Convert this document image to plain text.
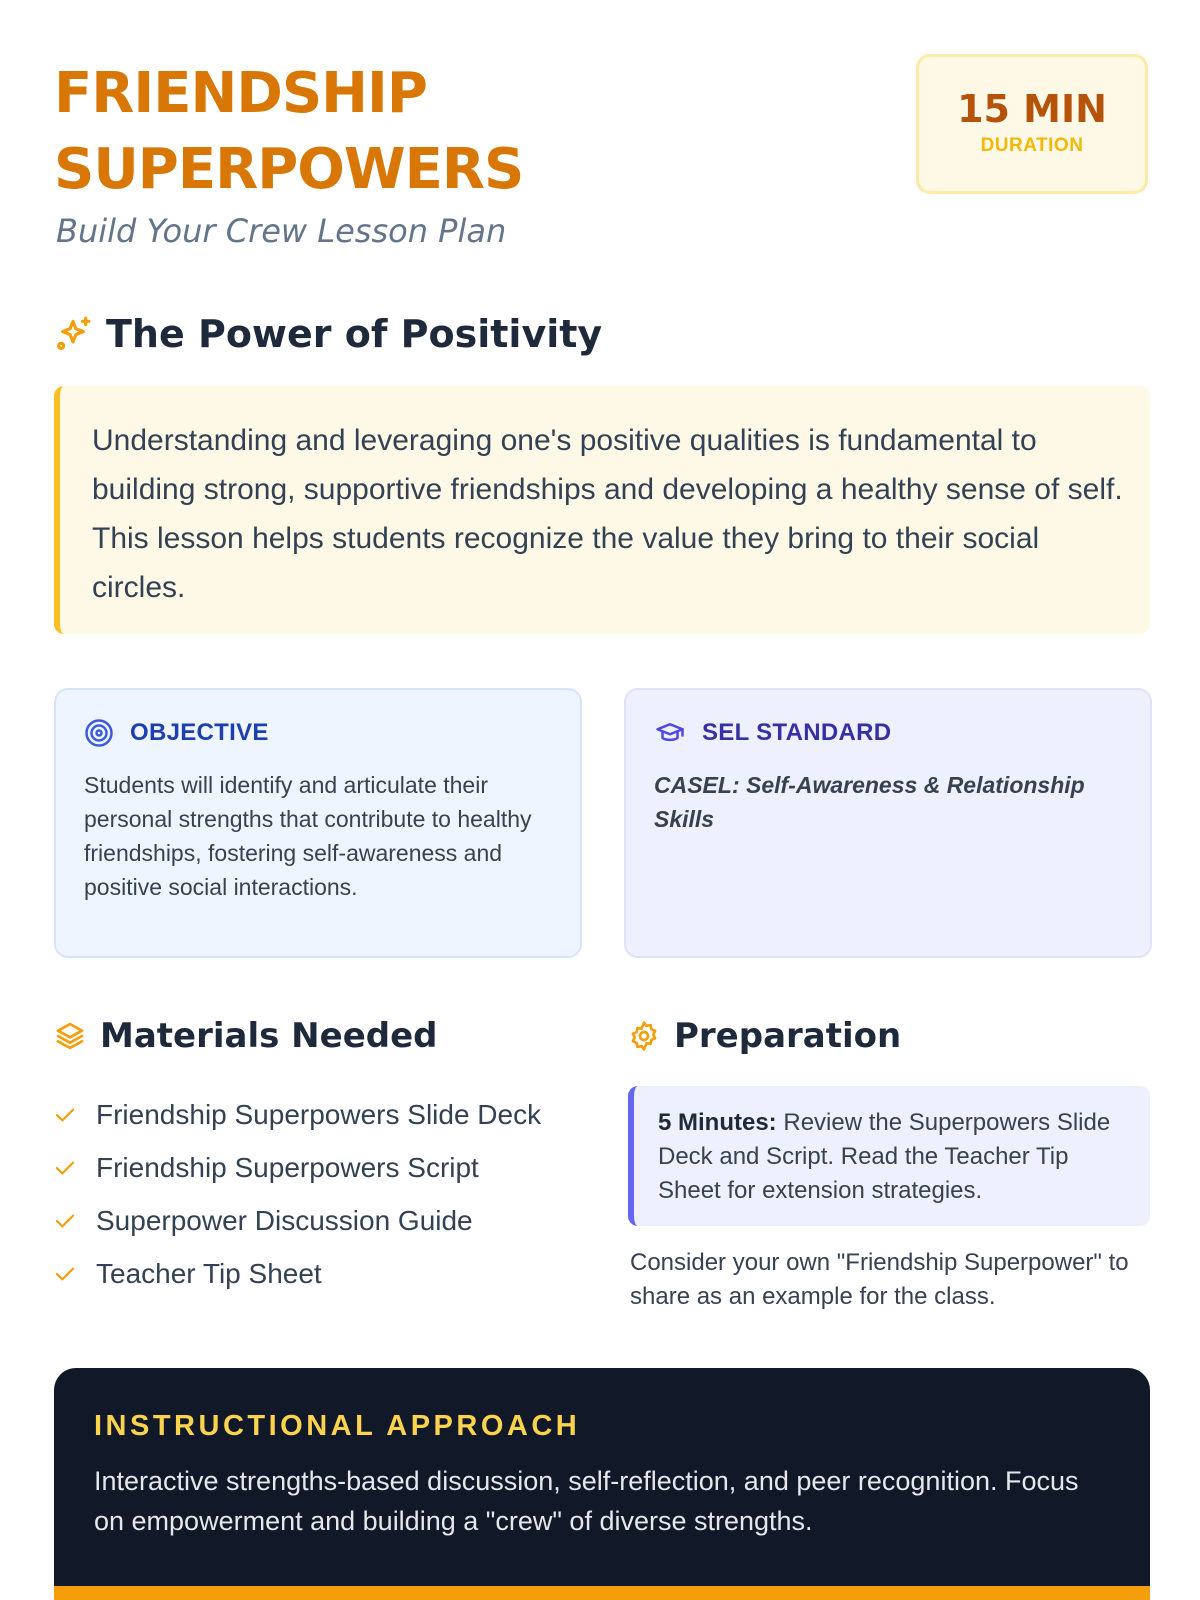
FRIENDSHIP SUPERPOWERS
Build Your Crew Lesson Plan
15 MIN
DURATION
The Power of Positivity

Understanding and leveraging one's positive qualities is fundamental to building strong, supportive friendships and developing a healthy sense of self. This lesson helps students recognize the value they bring to their social circles.

OBJECTIVE
Students will identify and articulate their personal strengths that contribute to healthy friendships, fostering self-awareness and positive social interactions.
SEL STANDARD
CASEL: Self-Awareness & Relationship Skills
Materials Needed
Friendship Superpowers Slide Deck
Friendship Superpowers Script
Superpower Discussion Guide
Teacher Tip Sheet
Preparation

5 Minutes: Review the Superpowers Slide Deck and Script. Read the Teacher Tip Sheet for extension strategies.

Consider your own "Friendship Superpower" to share as an example for the class.
INSTRUCTIONAL APPROACH
Interactive strengths-based discussion, self-reflection, and peer recognition. Focus on empowerment and building a "crew" of diverse strengths.
